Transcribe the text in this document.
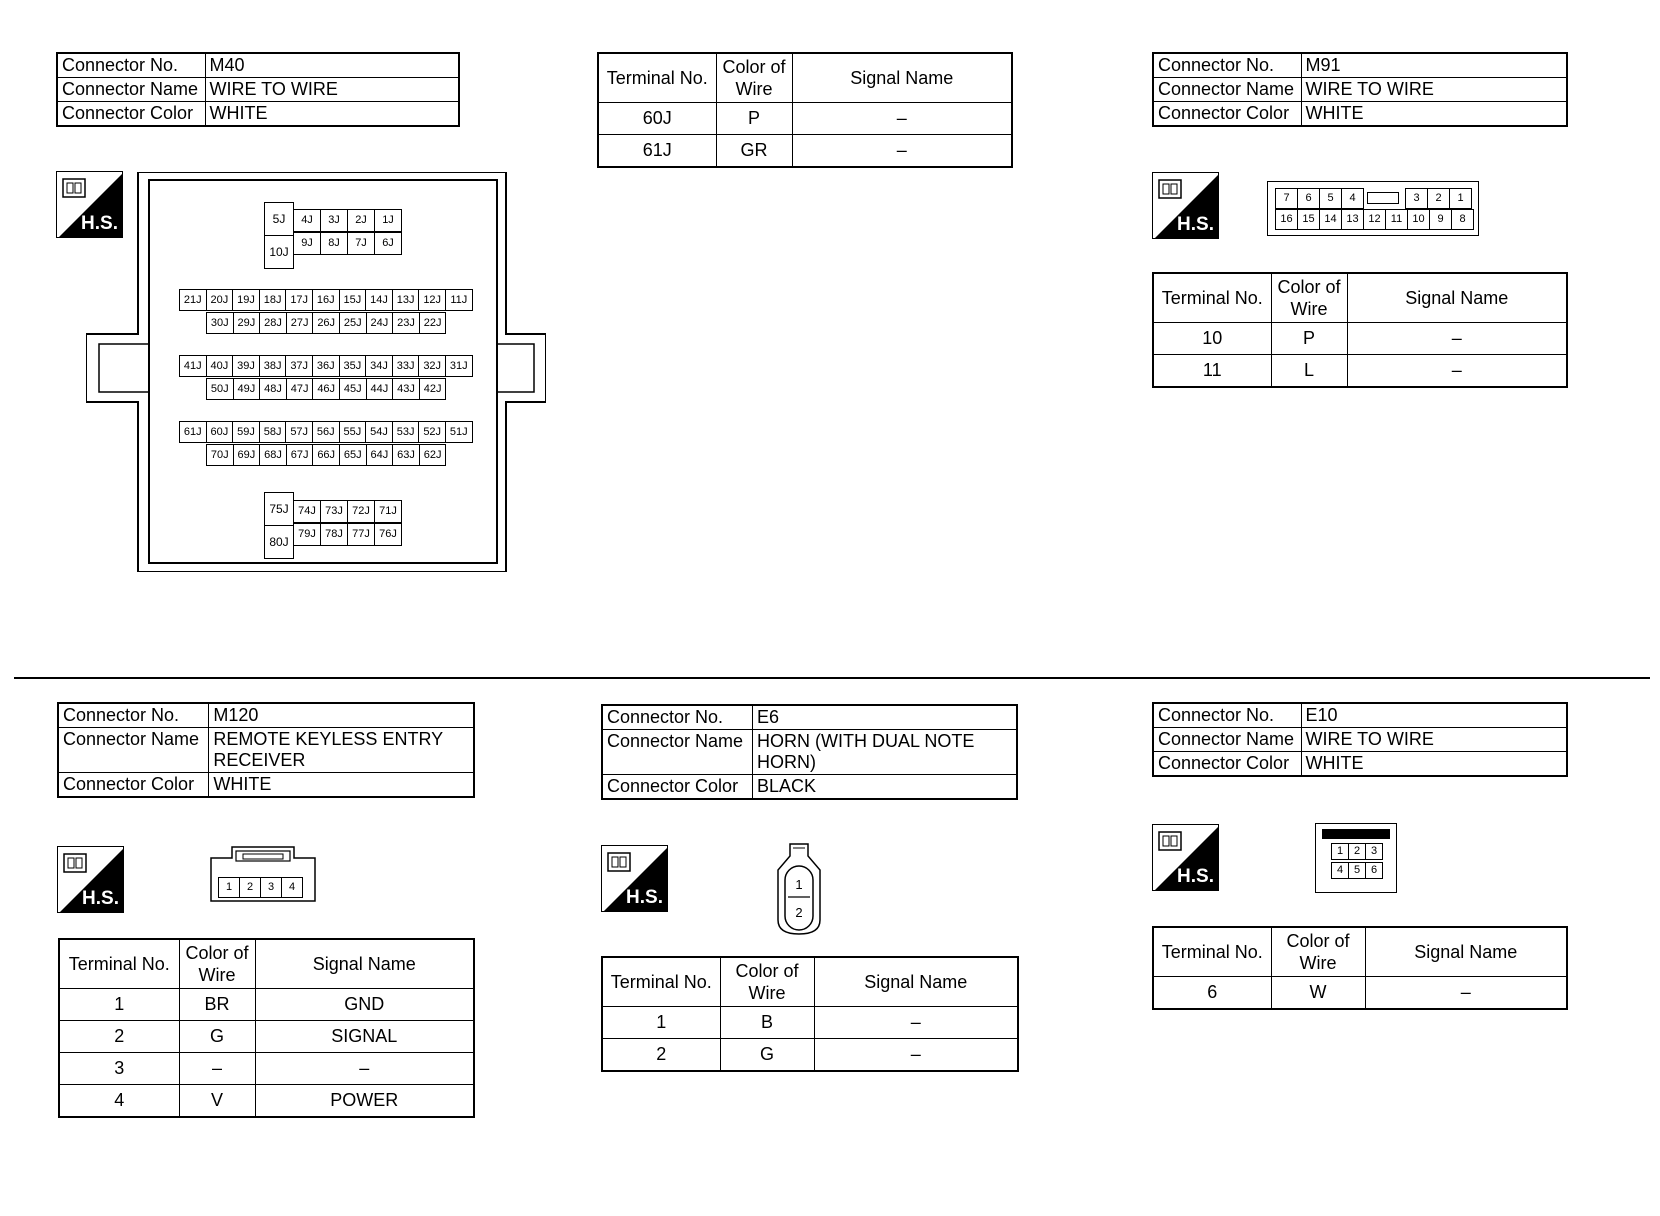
Connector No.	M40
Connector Name	WIRE TO WIRE
Connector Color	WHITE
H.S.	5J
10J
4J	3J	2J	1J
9J	8J	7J	6J
21J 20J 19J 18J 17J 16J 15J 14J 13J 12J 11J
30J 29J 28J 27J 26J 25J 24J 23J 22J
41J 40J 39J 38J 37J 36J 35J 34J 33J 32J 31J
50J 49J 48J 47J 46J 45J 44J 43J 42J
61J 60J 59J 58J 57J 56J 55J 54J 53J 52J 51J
70J 69J 68J 67J 66J 65J 64J 63J 62J
75J
80J
74J 73J 72J 71J
79J 78J 77J 76J
Terminal No.	Color of Wire	Signal Name
60J	P	–
61J	GR	–
Connector No.	M91
Connector Name	WIRE TO WIRE
Connector Color	WHITE
H.S.
7	6	5	4	3	2	1
16 15 14 13 12 11 10	9	8
Terminal No.	Color of Wire	Signal Name
10	P	–
11	L	–
Connector No.	M120
Connector Name	REMOTE KEYLESS ENTRY RECEIVER
Connector Color	WHITE
H.S.
1	2	3	4
Terminal No.	Color of Wire	Signal Name
1	BR	GND
2	G	SIGNAL
3	–	–
4	V	POWER
Connector No.	E6
Connector Name	HORN (WITH DUAL NOTE HORN)
Connector Color	BLACK
H.S.
1
2
Terminal No.	Color of Wire	Signal Name
1	B	–
2	G	–
Connector No.	E10
Connector Name	WIRE TO WIRE
Connector Color	WHITE
H.S.
1 2 3
4 5 6
Terminal No.	Color of Wire	Signal Name
6	W	–
